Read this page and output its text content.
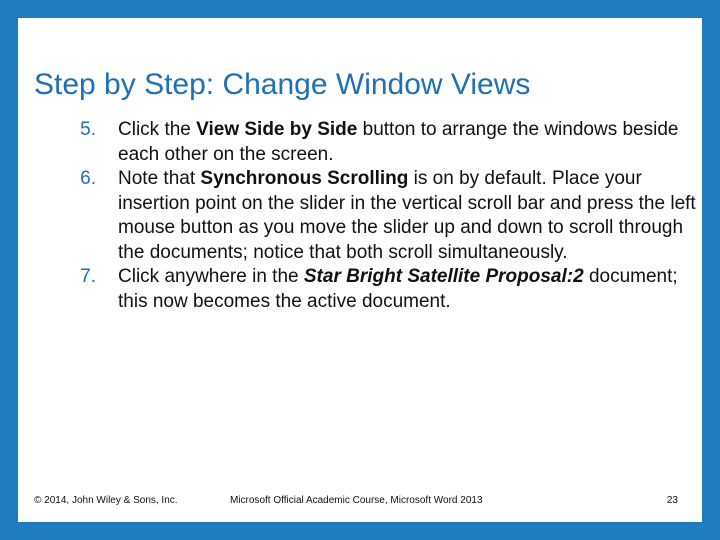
Step by Step: Change Window Views
5. Click the View Side by Side button to arrange the windows beside each other on the screen.
6. Note that Synchronous Scrolling is on by default. Place your insertion point on the slider in the vertical scroll bar and press the left mouse button as you move the slider up and down to scroll through the documents; notice that both scroll simultaneously.
7. Click anywhere in the Star Bright Satellite Proposal:2 document; this now becomes the active document.
© 2014, John Wiley & Sons, Inc.	Microsoft Official Academic Course, Microsoft Word 2013	23
